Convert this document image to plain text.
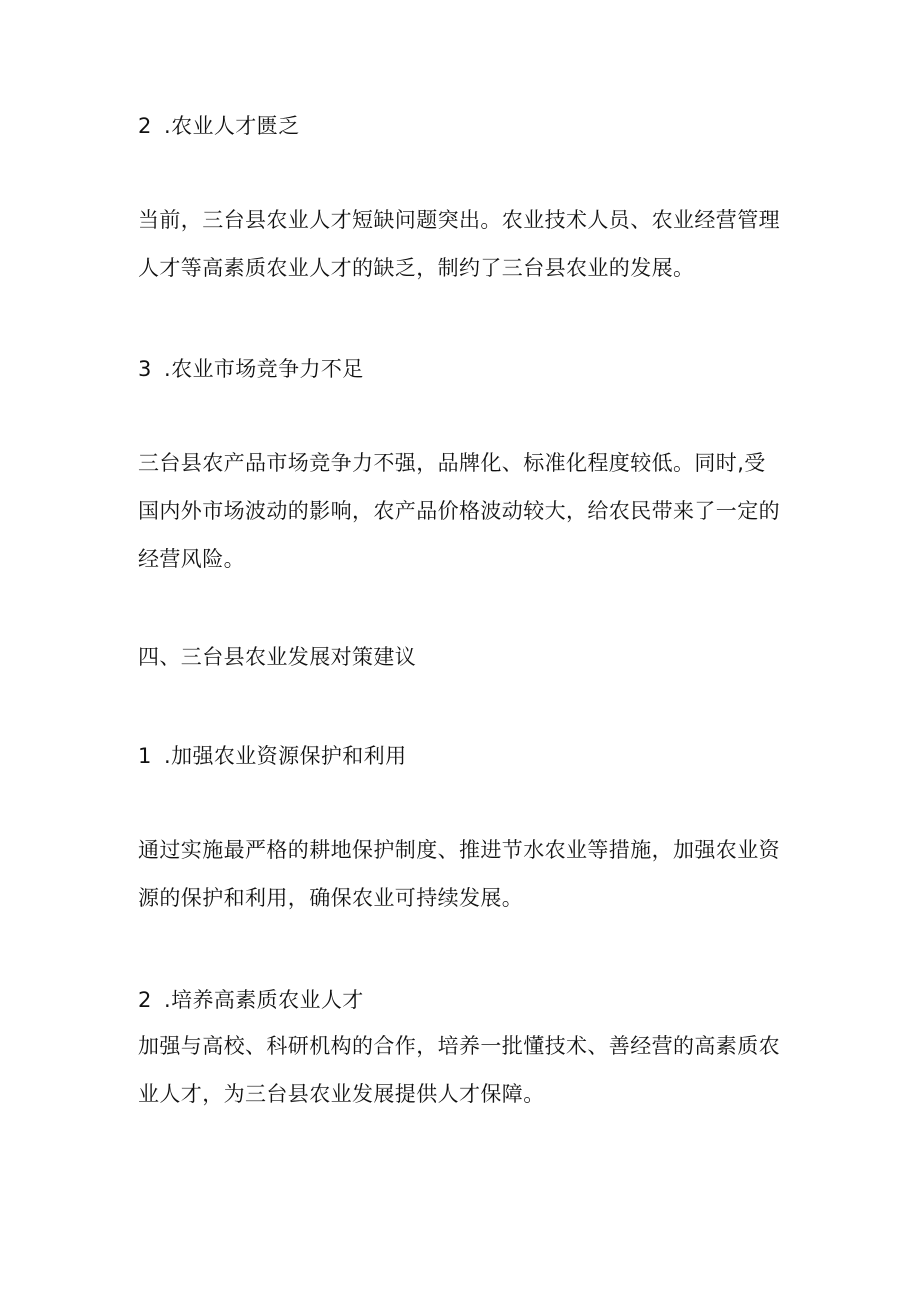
2 .农业人才匮乏
当前，三台县农业人才短缺问题突出。农业技术人员、农业经营管理
人才等高素质农业人才的缺乏，制约了三台县农业的发展。
3 .农业市场竞争力不足
三台县农产品市场竞争力不强，品牌化、标准化程度较低。同时,受
国内外市场波动的影响，农产品价格波动较大，给农民带来了一定的
经营风险。
四、三台县农业发展对策建议
1 .加强农业资源保护和利用
通过实施最严格的耕地保护制度、推进节水农业等措施，加强农业资
源的保护和利用，确保农业可持续发展。
2 .培养高素质农业人才
加强与高校、科研机构的合作，培养一批懂技术、善经营的高素质农
业人才，为三台县农业发展提供人才保障。
